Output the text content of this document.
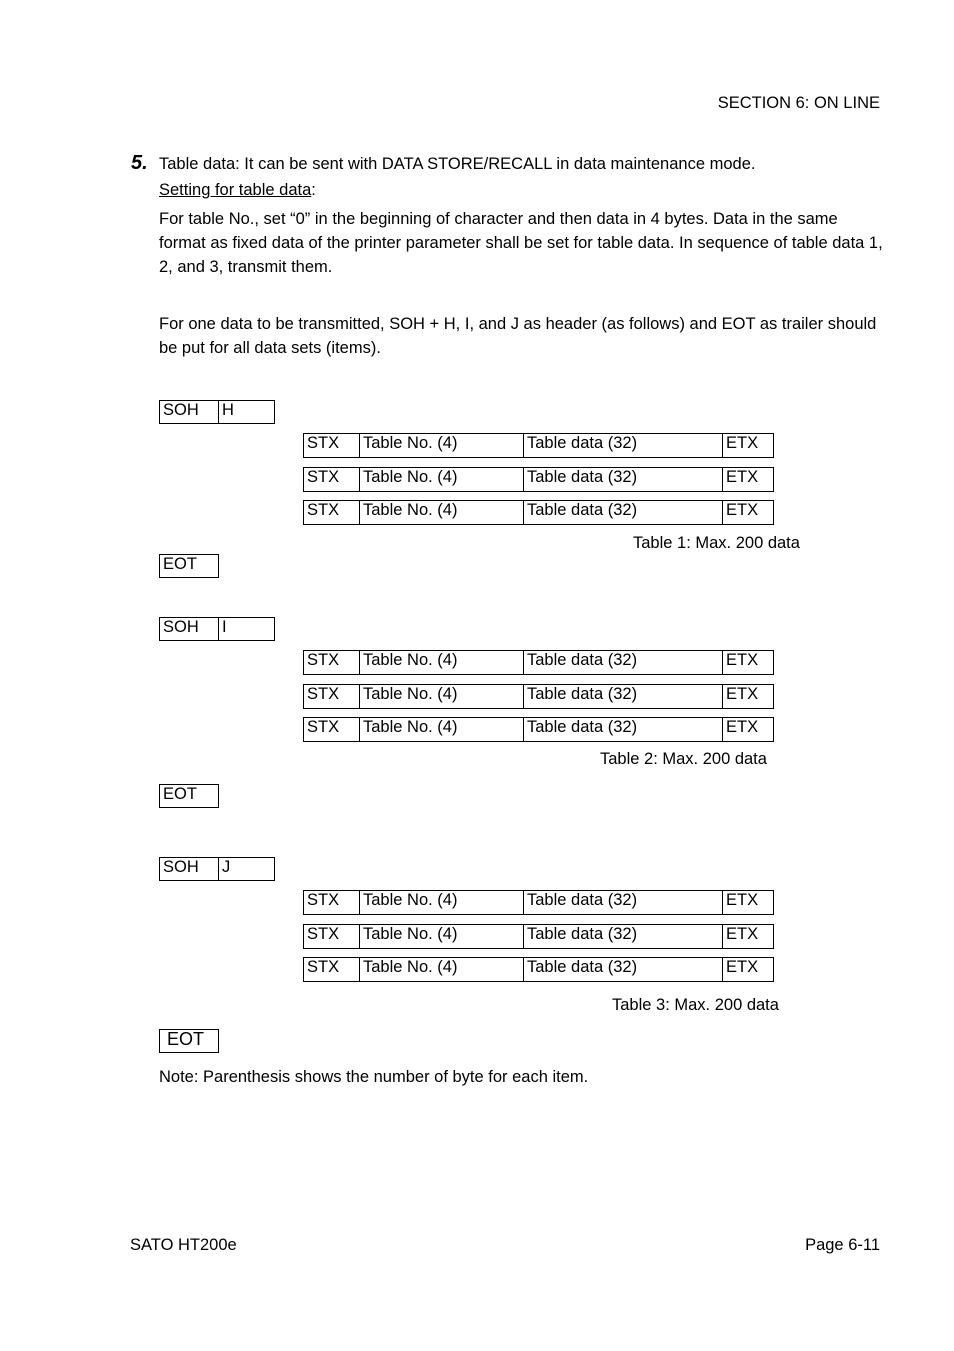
SECTION 6: ON LINE
5. Table data: It can be sent with DATA STORE/RECALL in data maintenance mode.
Setting for table data:
For table No., set “0” in the beginning of character and then data in 4 bytes. Data in the same format as fixed data of the printer parameter shall be set for table data. In sequence of table data 1, 2, and 3, transmit them.
For one data to be transmitted, SOH + H, I, and J as header (as follows) and EOT as trailer should be put for all data sets (items).
SOH	H
STX	Table No. (4)	Table data (32)	ETX
STX	Table No. (4)	Table data (32)	ETX
STX	Table No. (4)	Table data (32)	ETX
Table 1: Max. 200 data
EOT
SOH	I
STX	Table No. (4)	Table data (32)	ETX
STX	Table No. (4)	Table data (32)	ETX
STX	Table No. (4)	Table data (32)	ETX
Table 2: Max. 200 data
EOT
SOH	J
STX	Table No. (4)	Table data (32)	ETX
STX	Table No. (4)	Table data (32)	ETX
STX	Table No. (4)	Table data (32)	ETX
Table 3: Max. 200 data
EOT
Note: Parenthesis shows the number of byte for each item.
SATO HT200e	Page 6-11
